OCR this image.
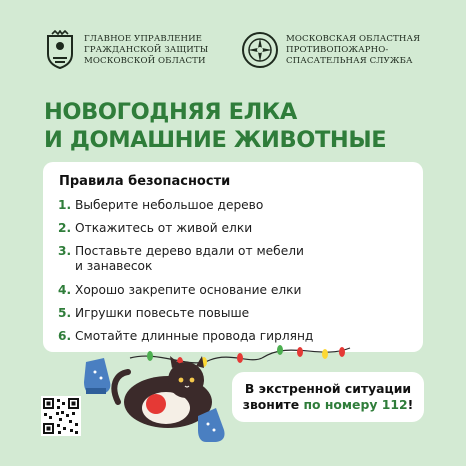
ГЛАВНОЕ УПРАВЛЕНИЕ
ГРАЖДАНСКОЙ ЗАЩИТЫ
МОСКОВСКОЙ ОБЛАСТИ
МОСКОВСКАЯ ОБЛАСТНАЯ
ПРОТИВОПОЖАРНО-
СПАСАТЕЛЬНАЯ СЛУЖБА
НОВОГОДНЯЯ ЕЛКА
И ДОМАШНИЕ ЖИВОТНЫЕ
Правила безопасности
1. Выберите небольшое дерево
2. Откажитесь от живой елки
3. Поставьте дерево вдали от мебели
и занавесок
4. Хорошо закрепите основание елки
5. Игрушки повесьте повыше
6. Смотайте длинные провода гирлянд
В экстренной ситуации
звоните по номеру 112!
